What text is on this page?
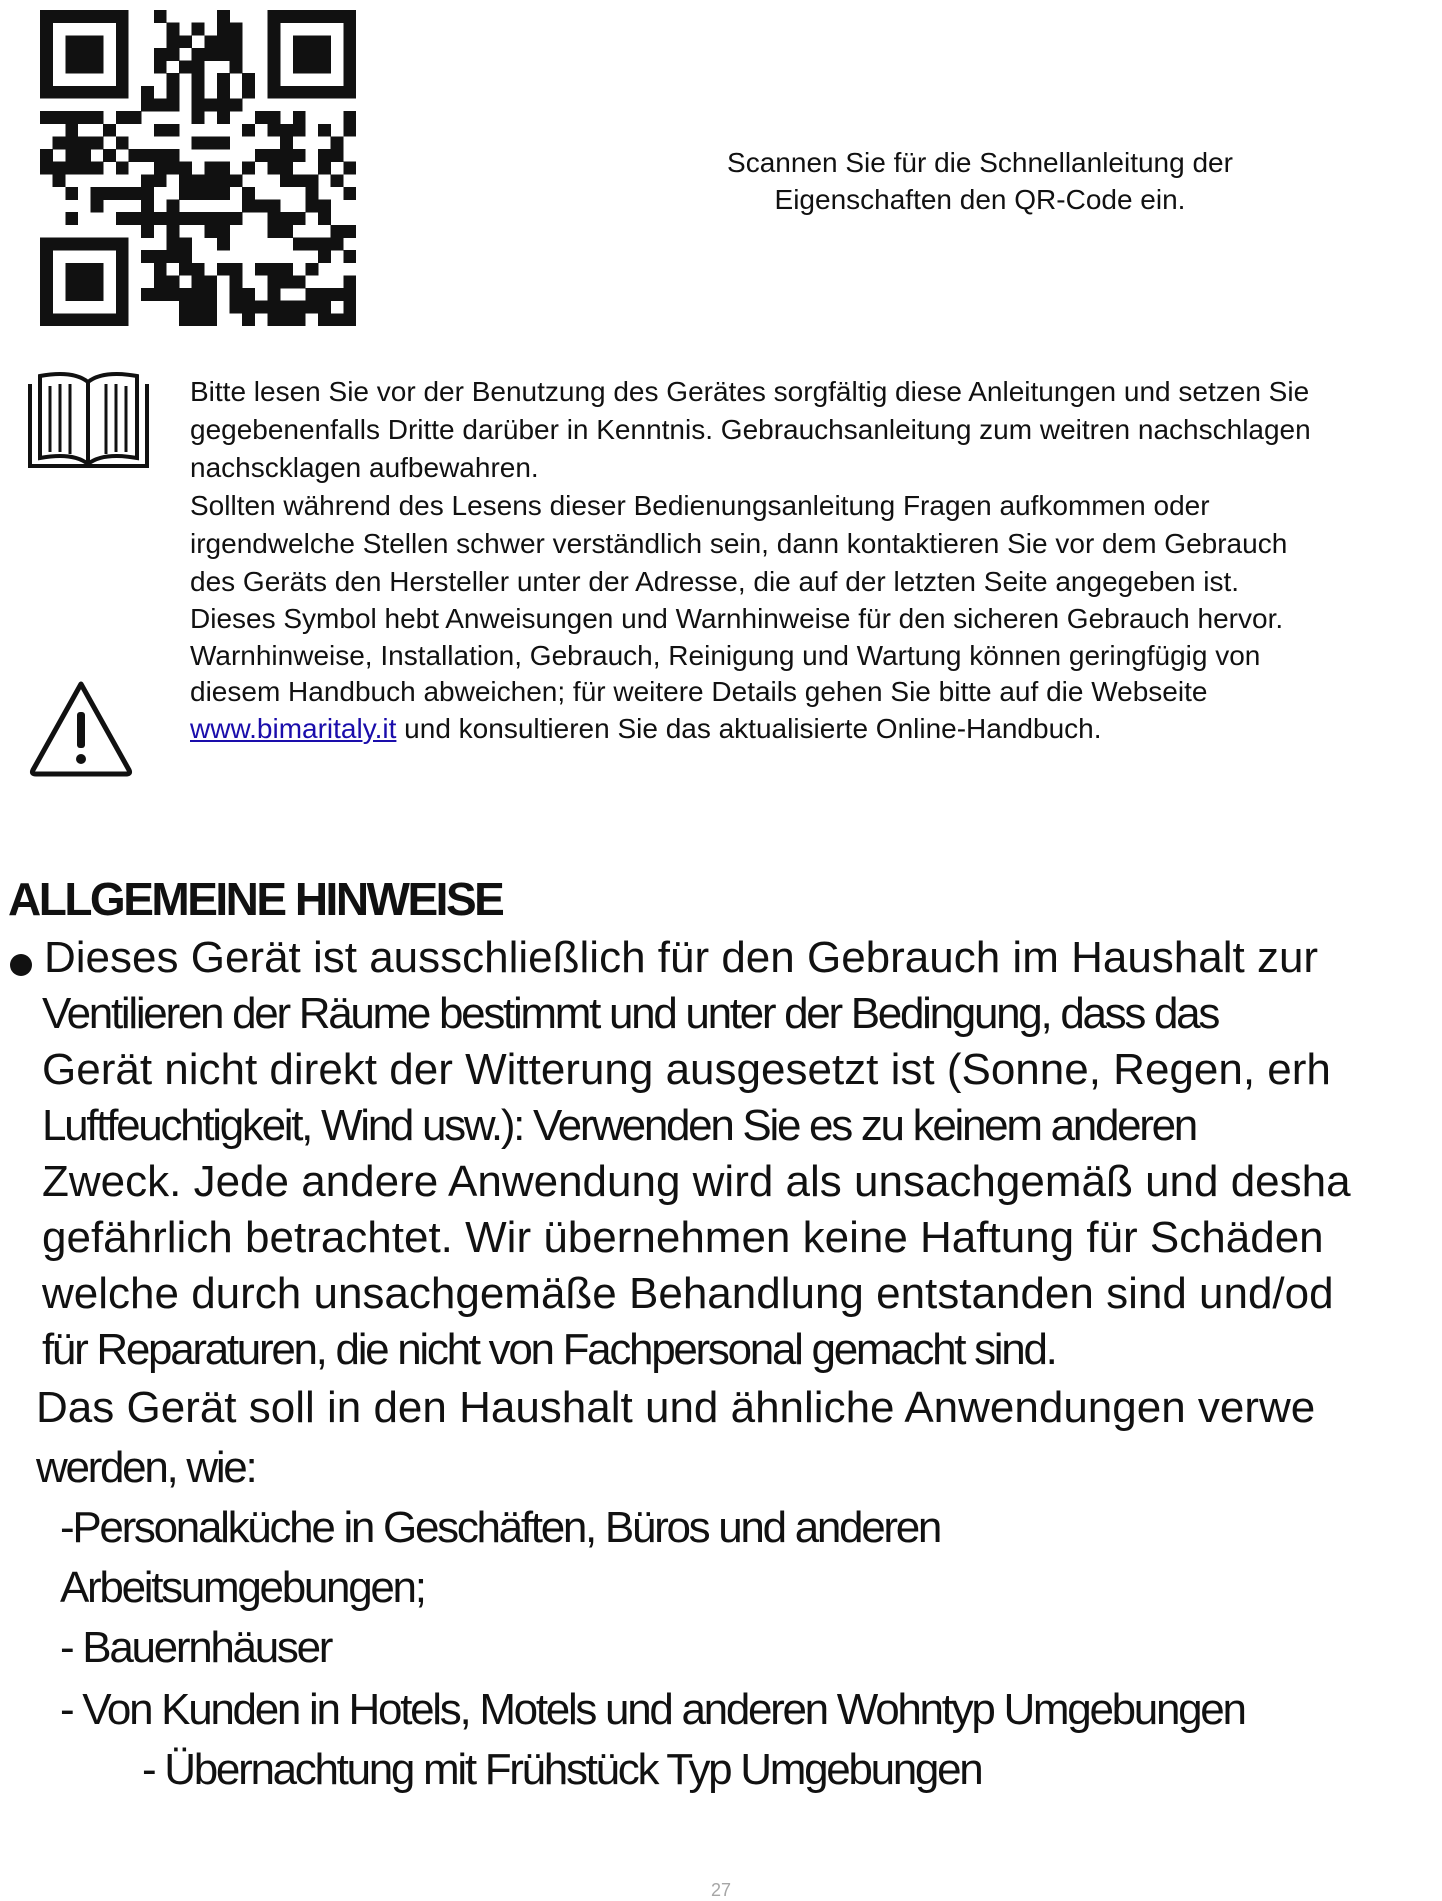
Scannen Sie für die Schnellanleitung der
Eigenschaften den QR-Code ein.

Bitte lesen Sie vor der Benutzung des Gerätes sorgfältig diese Anleitungen und setzen Sie gegebenenfalls Dritte darüber in Kenntnis. Gebrauchsanleitung zum weitren nachschlagen nachscklagen aufbewahren.

Sollten während des Lesens dieser Bedienungsanleitung Fragen aufkommen oder irgendwelche Stellen schwer verständlich sein, dann kontaktieren Sie vor dem Gebrauch des Geräts den Hersteller unter der Adresse, die auf der letzten Seite angegeben ist.

Dieses Symbol hebt Anweisungen und Warnhinweise für den sicheren Gebrauch hervor. Warnhinweise, Installation, Gebrauch, Reinigung und Wartung können geringfügig von diesem Handbuch abweichen; für weitere Details gehen Sie bitte auf die Webseite www.bimaritaly.it und konsultieren Sie das aktualisierte Online-Handbuch.

ALLGEMEINE HINWEISE
Dieses Gerät ist ausschließlich für den Gebrauch im Haushalt zur
Ventilieren der Räume bestimmt und unter der Bedingung, dass das
Gerät nicht direkt der Witterung ausgesetzt ist (Sonne, Regen, erh
Luftfeuchtigkeit, Wind usw.): Verwenden Sie es zu keinem anderen
Zweck. Jede andere Anwendung wird als unsachgemäß und desha
gefährlich betrachtet. Wir übernehmen keine Haftung für Schäden
welche durch unsachgemäße Behandlung entstanden sind und/od
für Reparaturen, die nicht von Fachpersonal gemacht sind.
Das Gerät soll in den Haushalt und ähnliche Anwendungen verwe
werden, wie:
-Personalküche in Geschäften, Büros und anderen
Arbeitsumgebungen;
- Bauernhäuser
- Von Kunden in Hotels, Motels und anderen Wohntyp Umgebungen
- Übernachtung mit Frühstück Typ Umgebungen
27
